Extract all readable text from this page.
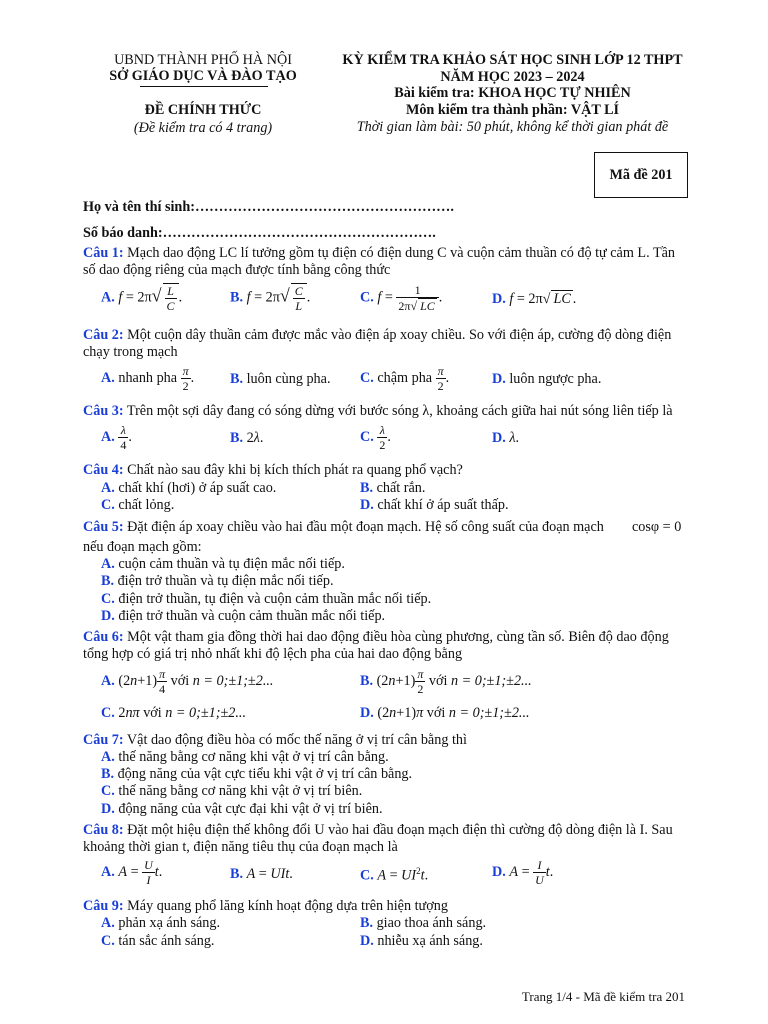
UBND THÀNH PHỐ HÀ NỘI
SỞ GIÁO DỤC VÀ ĐÀO TẠO
ĐỀ CHÍNH THỨC
(Đề kiểm tra có 4 trang)
KỲ KIỂM TRA KHẢO SÁT HỌC SINH LỚP 12 THPT
NĂM HỌC 2023 – 2024
Bài kiểm tra: KHOA HỌC TỰ NHIÊN
Môn kiểm tra thành phần: VẬT LÍ
Thời gian làm bài: 50 phút, không kể thời gian phát đề
Mã đề 201
Họ và tên thí sinh:……………………………………………….
Số báo danh:………………………………………………….
Câu 1: Mạch dao động LC lí tưởng gồm tụ điện có điện dung C và cuộn cảm thuần có độ tự cảm L. Tần số dao động riêng của mạch được tính bằng công thức
A. $f = 2\pi√ \frac{L}{C}$ .	B. $f = 2\pi√ \frac{C}{L}$ .	C. $f = \frac{1}{2\pi√ LC}$ .	D. f = 2π√ LC .
Câu 2: Một cuộn dây thuần cảm được mắc vào điện áp xoay chiều. So với điện áp, cường độ dòng điện chạy trong mạch
A. nhanh pha $\frac{\pi}{2}$ .	B. luôn cùng pha. C. chậm pha $\frac{\pi}{2}$ .	D. luôn ngược pha.
Câu 3: Trên một sợi dây đang có sóng dừng với bước sóng λ, khoảng cách giữa hai nút sóng liên tiếp là
A. $\frac{\lambda}{4}$ .	B. 2λ.	C. $\frac{\lambda}{2}$ .	D. λ.
Câu 4: Chất nào sau đây khi bị kích thích phát ra quang phổ vạch?
A. chất khí (hơi) ở áp suất cao.	B. chất rắn.
C. chất lỏng.	D. chất khí ở áp suất thấp.
Câu 5: Đặt điện áp xoay chiều vào hai đầu một đoạn mạch. Hệ số công suất của đoạn mạch	cosφ = 0
nếu đoạn mạch gồm:
A. cuộn cảm thuần và tụ điện mắc nối tiếp.
B. điện trở thuần và tụ điện mắc nối tiếp.
C. điện trở thuần, tụ điện và cuộn cảm thuần mắc nối tiếp.
D. điện trở thuần và cuộn cảm thuần mắc nối tiếp.
Câu 6: Một vật tham gia đồng thời hai dao động điều hòa cùng phương, cùng tần số. Biên độ dao động tổng hợp có giá trị nhỏ nhất khi độ lệch pha của hai dao động bằng
A. $(2n+1) \frac{\pi}{4}$ với n = 0;±1;±2...	B. $(2n+1) \frac{\pi}{2}$ với n = 0;±1;±2...
C. 2nπ với n = 0;±1;±2...	D. (2n+1)π với n = 0;±1;±2...
Câu 7: Vật dao động điều hòa có mốc thế năng ở vị trí cân bằng thì
A. thế năng bằng cơ năng khi vật ở vị trí cân bằng.
B. động năng của vật cực tiểu khi vật ở vị trí cân bằng.
C. thế năng bằng cơ năng khi vật ở vị trí biên.
D. động năng của vật cực đại khi vật ở vị trí biên.
Câu 8: Đặt một hiệu điện thế không đổi U vào hai đầu đoạn mạch điện thì cường độ dòng điện là I. Sau khoảng thời gian t, điện năng tiêu thụ của đoạn mạch là
A. $A = \frac{U}{I} t$.	B. A = UIt.	C. $A = UI^2t$.	D. $A = \frac{I}{U} t$.
Câu 9: Máy quang phổ lăng kính hoạt động dựa trên hiện tượng
A. phản xạ ánh sáng.	B. giao thoa ánh sáng.
C. tán sắc ánh sáng.	D. nhiễu xạ ánh sáng.
Trang 1/4 - Mã đề kiểm tra 201
